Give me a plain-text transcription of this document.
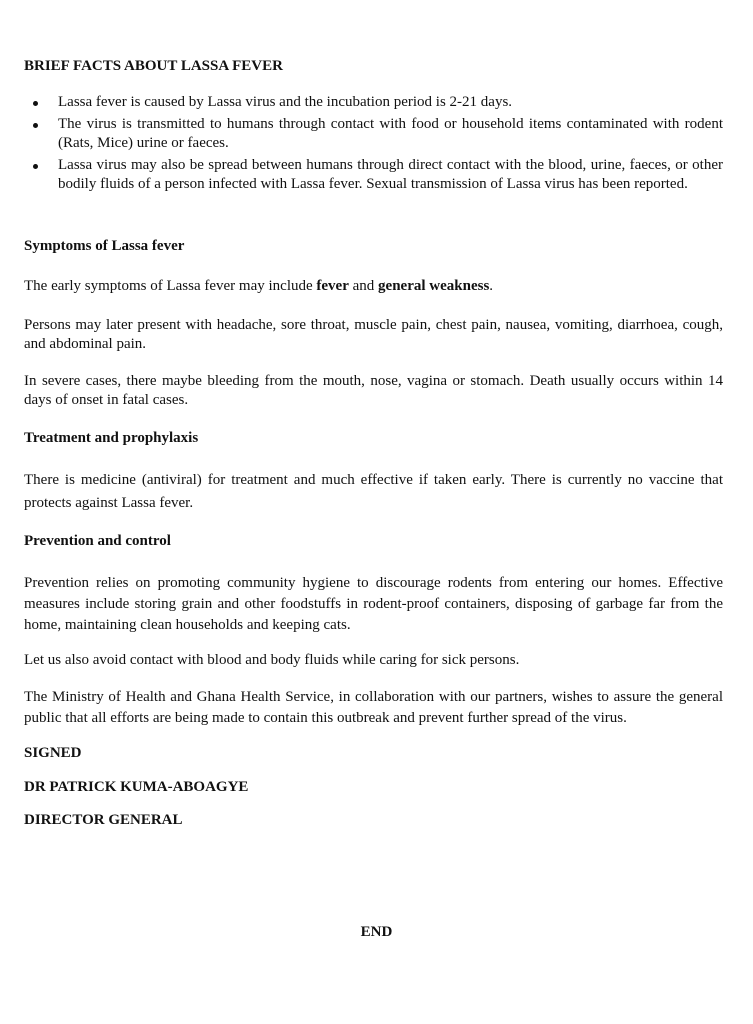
BRIEF FACTS ABOUT LASSA FEVER

Lassa fever is caused by Lassa virus and the incubation period is 2-21 days.
The virus is transmitted to humans through contact with food or household items contaminated with rodent (Rats, Mice) urine or faeces.
Lassa virus may also be spread between humans through direct contact with the blood, urine, faeces, or other bodily fluids of a person infected with Lassa fever. Sexual transmission of Lassa virus has been reported.

Symptoms of Lassa fever

The early symptoms of Lassa fever may include fever and general weakness.

Persons may later present with headache, sore throat, muscle pain, chest pain, nausea, vomiting, diarrhoea, cough, and abdominal pain.

In severe cases, there maybe bleeding from the mouth, nose, vagina or stomach. Death usually occurs within 14 days of onset in fatal cases.

Treatment and prophylaxis

There is medicine (antiviral) for treatment and much effective if taken early. There is currently no vaccine that protects against Lassa fever.

Prevention and control

Prevention relies on promoting community hygiene to discourage rodents from entering our homes. Effective measures include storing grain and other foodstuffs in rodent-proof containers, disposing of garbage far from the home, maintaining clean households and keeping cats.

Let us also avoid contact with blood and body fluids while caring for sick persons.

The Ministry of Health and Ghana Health Service, in collaboration with our partners, wishes to assure the general public that all efforts are being made to contain this outbreak and prevent further spread of the virus.

SIGNED

DR PATRICK KUMA-ABOAGYE

DIRECTOR GENERAL

END
